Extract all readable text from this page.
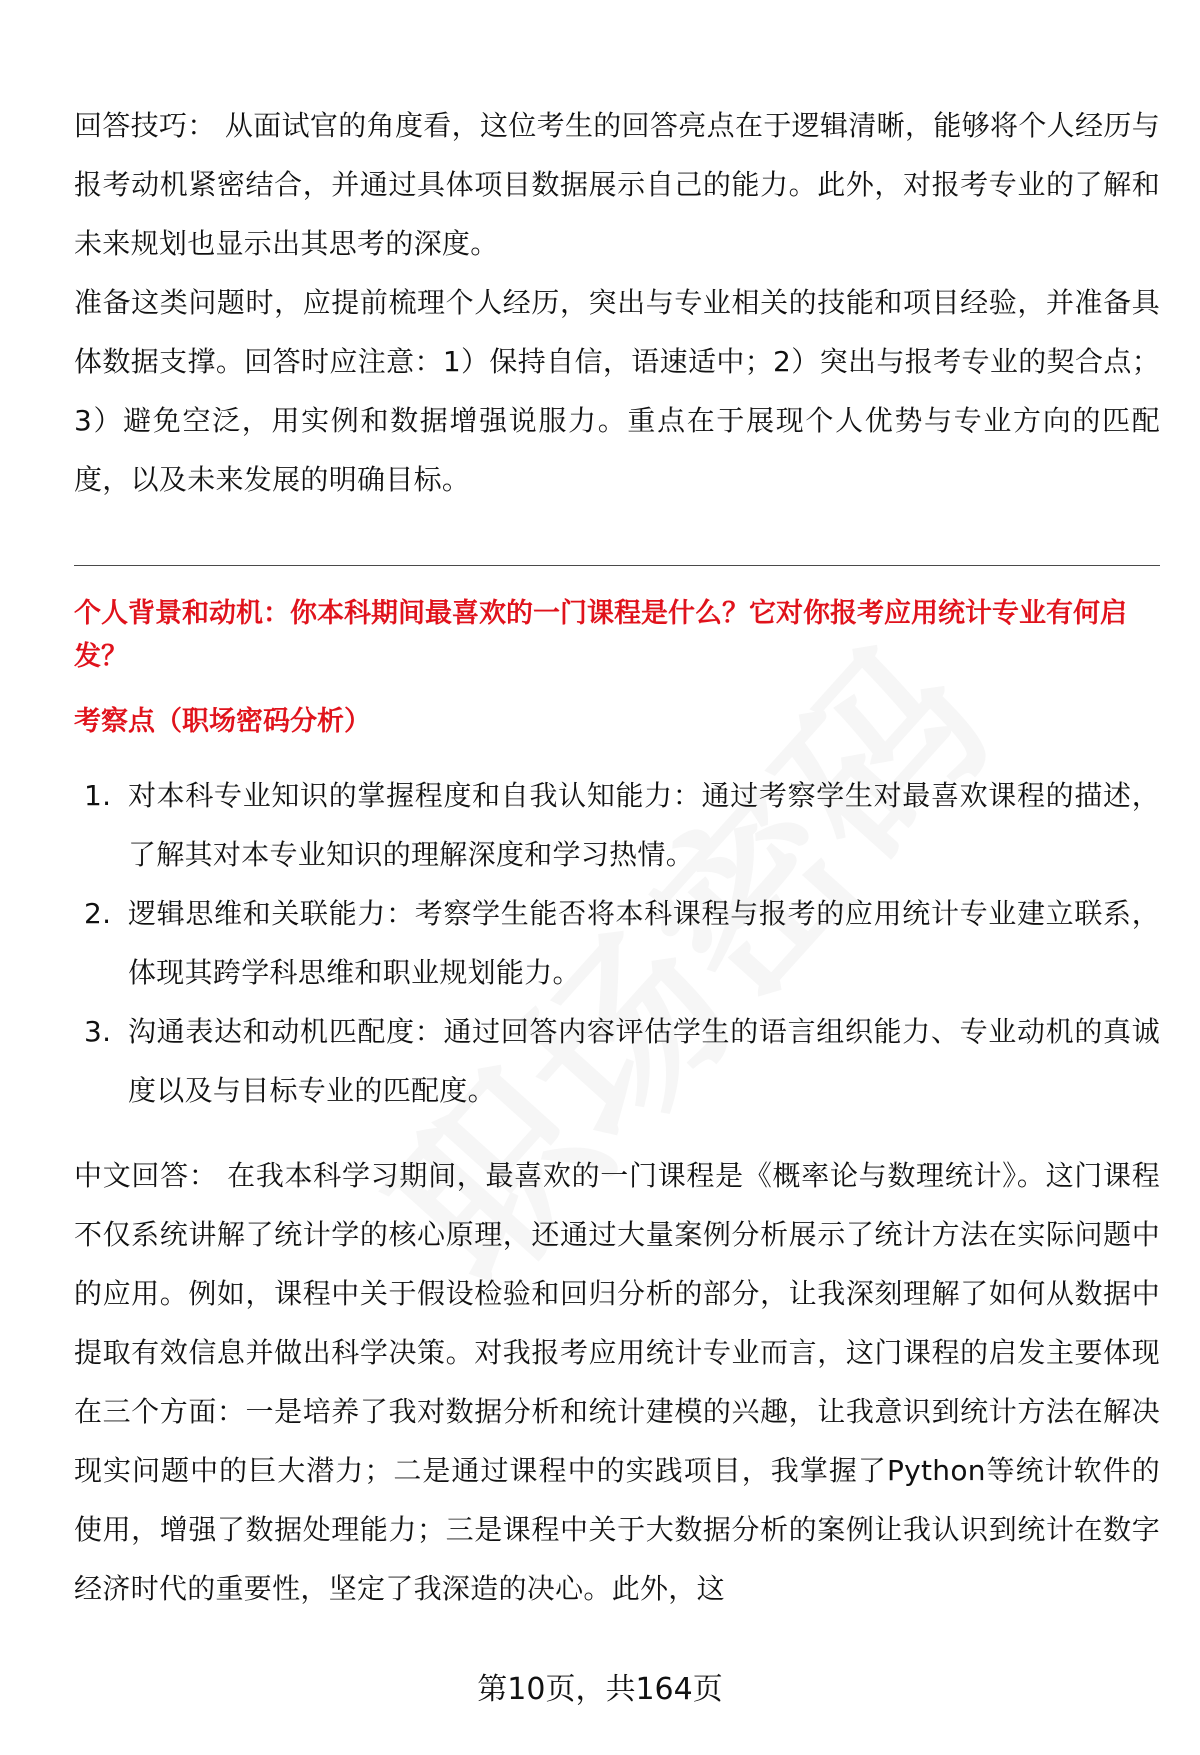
回答技巧： 从面试官的角度看，这位考生的回答亮点在于逻辑清晰，能够将个人经历与报考动机紧密结合，并通过具体项目数据展示自己的能力。此外，对报考专业的了解和未来规划也显示出其思考的深度。

准备这类问题时，应提前梳理个人经历，突出与专业相关的技能和项目经验，并准备具体数据支撑。回答时应注意：1）保持自信，语速适中；2）突出与报考专业的契合点；3）避免空泛，用实例和数据增强说服力。重点在于展现个人优势与专业方向的匹配度，以及未来发展的明确目标。

个人背景和动机：你本科期间最喜欢的一门课程是什么？它对你报考应用统计专业有何启发？

考察点（职场密码分析）

1. 对本科专业知识的掌握程度和自我认知能力：通过考察学生对最喜欢课程的描述，了解其对本专业知识的理解深度和学习热情。
2. 逻辑思维和关联能力：考察学生能否将本科课程与报考的应用统计专业建立联系，体现其跨学科思维和职业规划能力。
3. 沟通表达和动机匹配度：通过回答内容评估学生的语言组织能力、专业动机的真诚度以及与目标专业的匹配度。

中文回答： 在我本科学习期间，最喜欢的一门课程是《概率论与数理统计》。这门课程不仅系统讲解了统计学的核心原理，还通过大量案例分析展示了统计方法在实际问题中的应用。例如，课程中关于假设检验和回归分析的部分，让我深刻理解了如何从数据中提取有效信息并做出科学决策。对我报考应用统计专业而言，这门课程的启发主要体现在三个方面：一是培养了我对数据分析和统计建模的兴趣，让我意识到统计方法在解决现实问题中的巨大潜力；二是通过课程中的实践项目，我掌握了Python等统计软件的使用，增强了数据处理能力；三是课程中关于大数据分析的案例让我认识到统计在数字经济时代的重要性，坚定了我深造的决心。此外，这

第10页，共164页
